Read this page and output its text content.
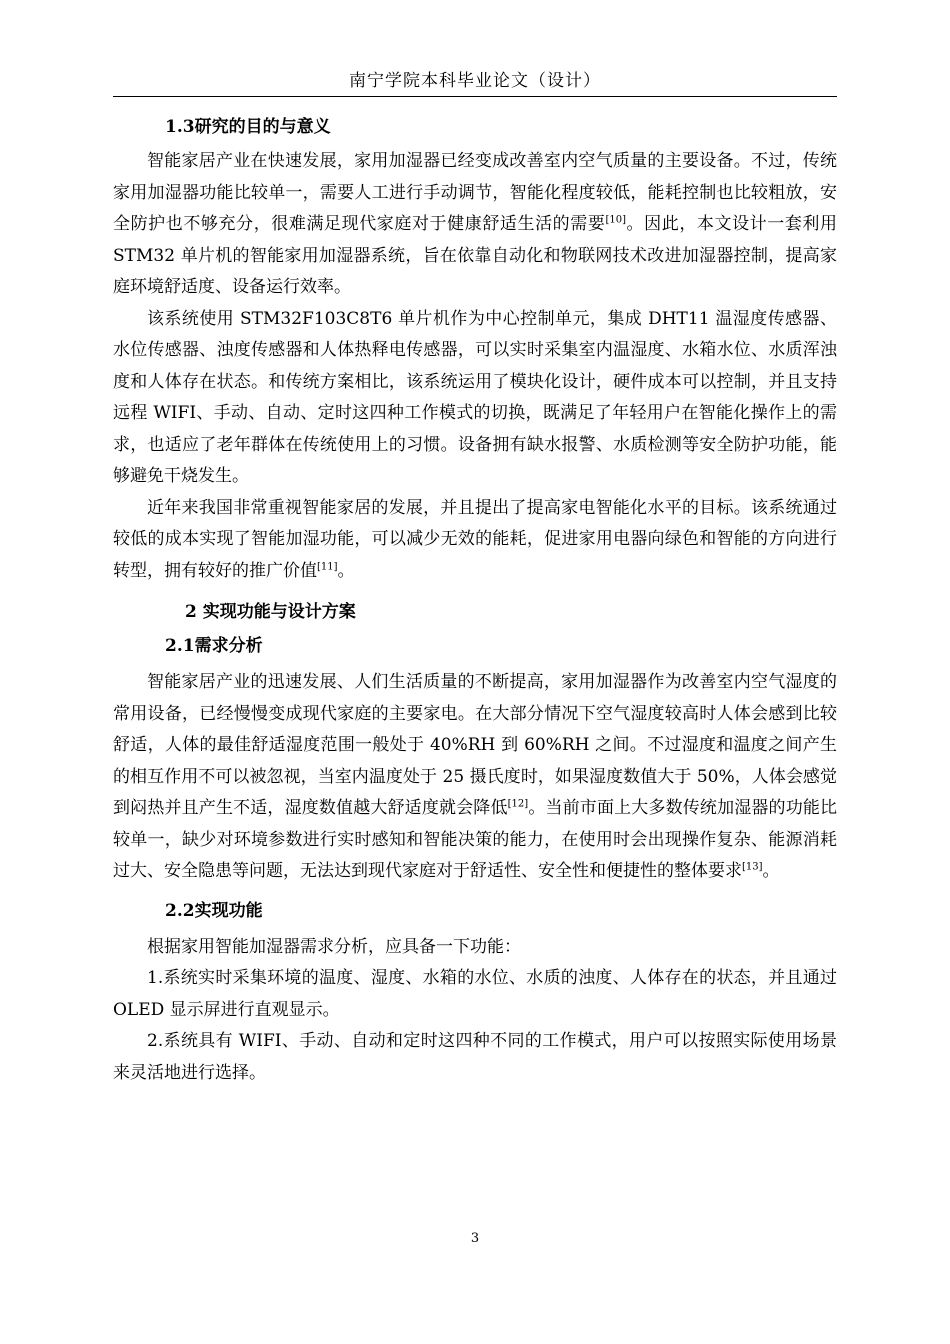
南宁学院本科毕业论文（设计）

1.3研究的目的与意义

智能家居产业在快速发展，家用加湿器已经变成改善室内空气质量的主要设备。不过，传统家用加湿器功能比较单一，需要人工进行手动调节，智能化程度较低，能耗控制也比较粗放，安全防护也不够充分，很难满足现代家庭对于健康舒适生活的需要[10]。因此，本文设计一套利用 STM32 单片机的智能家用加湿器系统，旨在依靠自动化和物联网技术改进加湿器控制，提高家庭环境舒适度、设备运行效率。

该系统使用 STM32F103C8T6 单片机作为中心控制单元，集成 DHT11 温湿度传感器、水位传感器、浊度传感器和人体热释电传感器，可以实时采集室内温湿度、水箱水位、水质浑浊度和人体存在状态。和传统方案相比，该系统运用了模块化设计，硬件成本可以控制，并且支持远程 WIFI、手动、自动、定时这四种工作模式的切换，既满足了年轻用户在智能化操作上的需求，也适应了老年群体在传统使用上的习惯。设备拥有缺水报警、水质检测等安全防护功能，能够避免干烧发生。

近年来我国非常重视智能家居的发展，并且提出了提高家电智能化水平的目标。该系统通过较低的成本实现了智能加湿功能，可以减少无效的能耗，促进家用电器向绿色和智能的方向进行转型，拥有较好的推广价值[11]。

2 实现功能与设计方案

2.1需求分析

智能家居产业的迅速发展、人们生活质量的不断提高，家用加湿器作为改善室内空气湿度的常用设备，已经慢慢变成现代家庭的主要家电。在大部分情况下空气湿度较高时人体会感到比较舒适，人体的最佳舒适湿度范围一般处于 40%RH 到 60%RH 之间。不过湿度和温度之间产生的相互作用不可以被忽视，当室内温度处于 25 摄氏度时，如果湿度数值大于 50%，人体会感觉到闷热并且产生不适，湿度数值越大舒适度就会降低[12]。当前市面上大多数传统加湿器的功能比较单一，缺少对环境参数进行实时感知和智能决策的能力，在使用时会出现操作复杂、能源消耗过大、安全隐患等问题，无法达到现代家庭对于舒适性、安全性和便捷性的整体要求[13]。

2.2实现功能

根据家用智能加湿器需求分析，应具备一下功能：

1.系统实时采集环境的温度、湿度、水箱的水位、水质的浊度、人体存在的状态，并且通过 OLED 显示屏进行直观显示。

2.系统具有 WIFI、手动、自动和定时这四种不同的工作模式，用户可以按照实际使用场景来灵活地进行选择。

3
